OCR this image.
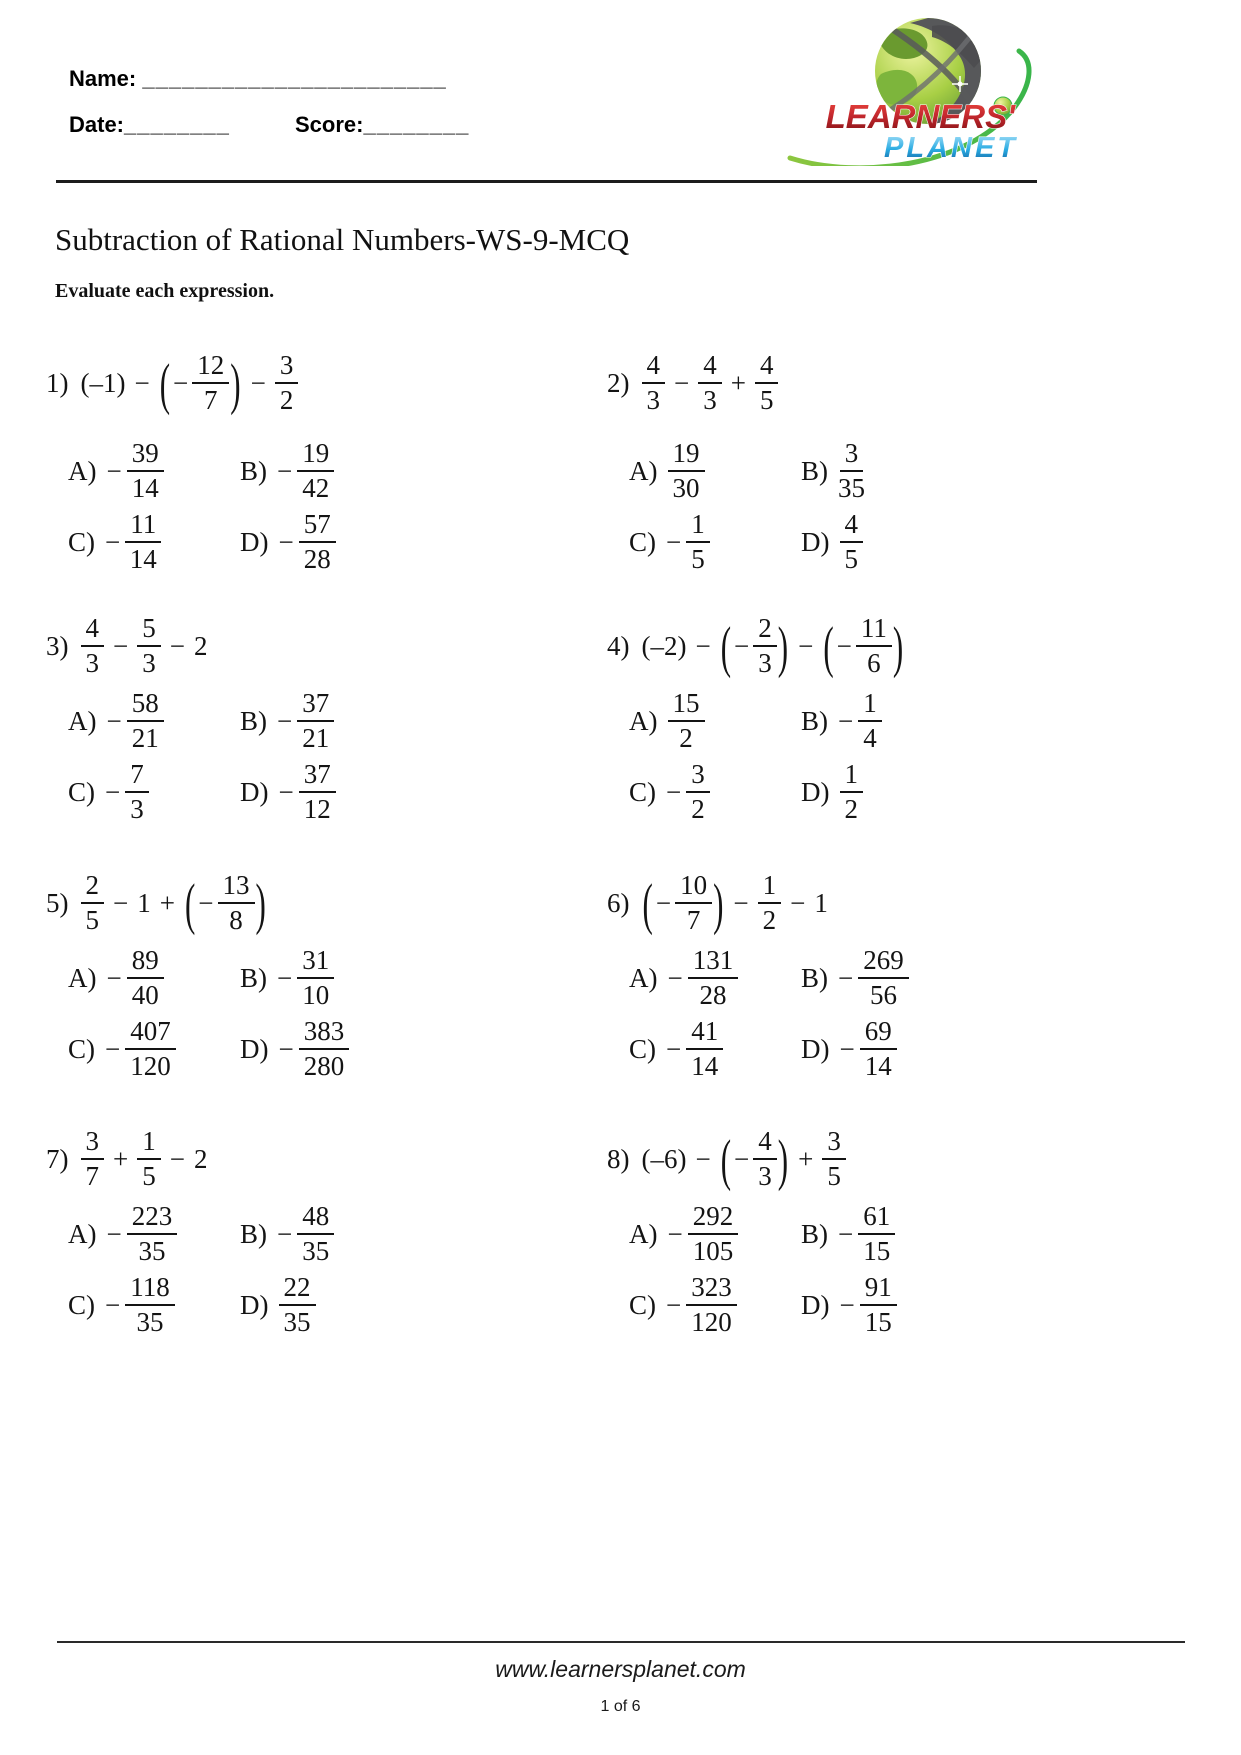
Name: _______________________
Date:________	Score:________	LEARNERS'
PLANET
Subtraction of Rational Numbers-WS-9-MCQ
Evaluate each expression.
1) (–1) − ( − $\frac{12}{7}$ ) − $\frac{3}{2}$
$A) - \frac{39}{14}$	$B) - \frac{19}{42}$
$C) - \frac{11}{14}$	$D) - \frac{57}{28}$
$2) \frac{4}{3} - \frac{4}{3} + \frac{4}{5}$
$A) \frac{19}{30}$	$B) \frac{3}{35}$
$C) - \frac{1}{5}$	$D) \frac{4}{5}$
$3) \frac{4}{3} - \frac{5}{3} - 2$
$A) - \frac{58}{21}$	$B) - \frac{37}{21}$
$C) - \frac{7}{3}$	$D) - \frac{37}{12}$
4) (–2) − ( − $\frac{2}{3}$ ) − ( − $\frac{11}{6}$ )
$A) \frac{15}{2}$	$B) - \frac{1}{4}$
$C) - \frac{3}{2}$	$D) \frac{1}{2}$
$5) \frac{2}{5} - 1$ + ( − $\frac{13}{8}$ )
$A) - \frac{89}{40}$	$B) - \frac{31}{10}$
$C) - \frac{407}{120} D) - \frac{383}{280}$
6) ( − $\frac{10}{7}$ ) − $\frac{1}{2} - 1$
$A) - \frac{131}{28} B) - \frac{269}{56}$
$C) - \frac{41}{14}$	$D) - \frac{69}{14}$
$7) \frac{3}{7} + \frac{1}{5} - 2$
$A) - \frac{223}{35} B) - \frac{48}{35}$
$C) - \frac{118}{35} D) \frac{22}{35}$
8) (–6) − ( − $\frac{4}{3}$ ) + $\frac{3}{5}$
$A) - \frac{292}{105} B) - \frac{61}{15}$
$C) - \frac{323}{120} D) - \frac{91}{15}$
www.learnersplanet.com
1 of 6
